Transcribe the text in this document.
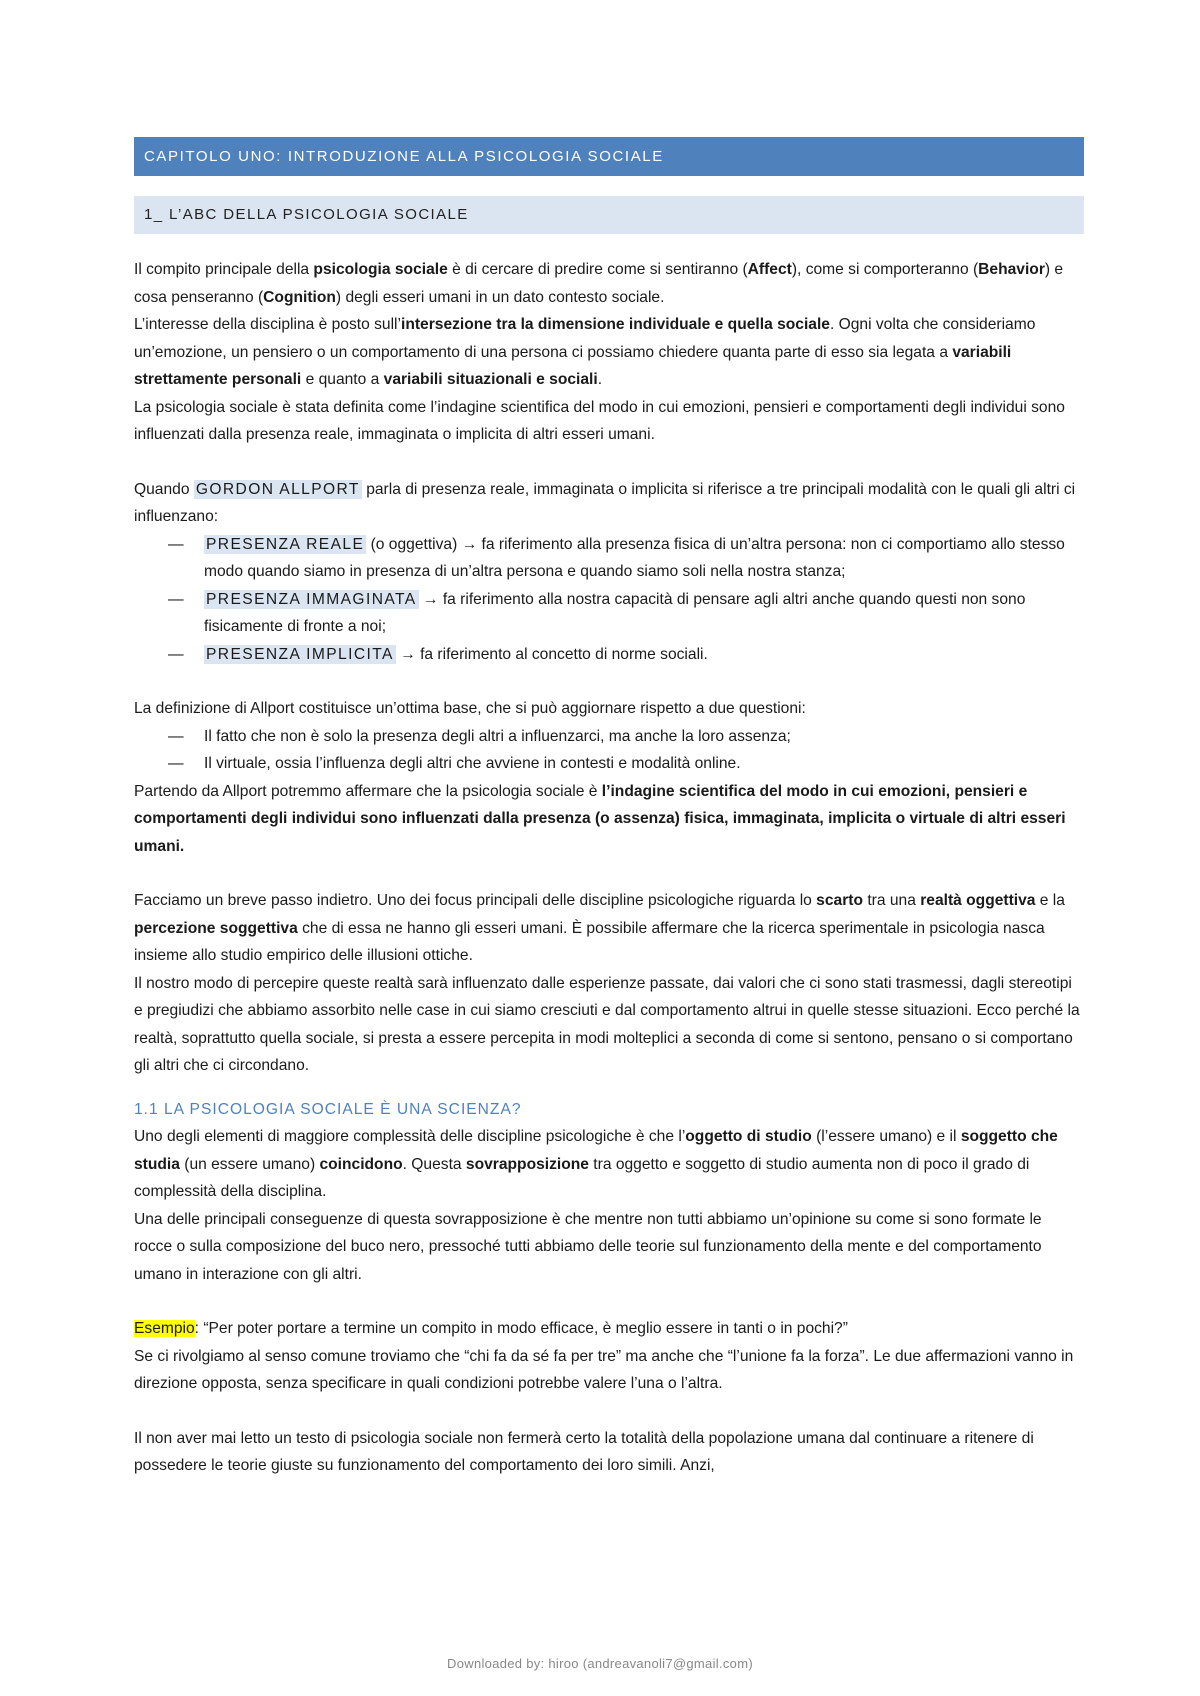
CAPITOLO UNO: INTRODUZIONE ALLA PSICOLOGIA SOCIALE
1_ L’ABC DELLA PSICOLOGIA SOCIALE

Il compito principale della psicologia sociale è di cercare di predire come si sentiranno (Affect), come si comporteranno (Behavior) e cosa penseranno (Cognition) degli esseri umani in un dato contesto sociale.
L’interesse della disciplina è posto sull’intersezione tra la dimensione individuale e quella sociale. Ogni volta che consideriamo un’emozione, un pensiero o un comportamento di una persona ci possiamo chiedere quanta parte di esso sia legata a variabili strettamente personali e quanto a variabili situazionali e sociali.
La psicologia sociale è stata definita come l’indagine scientifica del modo in cui emozioni, pensieri e comportamenti degli individui sono influenzati dalla presenza reale, immaginata o implicita di altri esseri umani.

Quando GORDON ALLPORT parla di presenza reale, immaginata o implicita si riferisce a tre principali modalità con le quali gli altri ci influenzano:

— PRESENZA REALE (o oggettiva) → fa riferimento alla presenza fisica di un’altra persona: non ci comportiamo allo stesso modo quando siamo in presenza di un’altra persona e quando siamo soli nella nostra stanza;

— PRESENZA IMMAGINATA → fa riferimento alla nostra capacità di pensare agli altri anche quando questi non sono fisicamente di fronte a noi;

— PRESENZA IMPLICITA → fa riferimento al concetto di norme sociali.

La definizione di Allport costituisce un’ottima base, che si può aggiornare rispetto a due questioni:

— Il fatto che non è solo la presenza degli altri a influenzarci, ma anche la loro assenza;

— Il virtuale, ossia l’influenza degli altri che avviene in contesti e modalità online.

Partendo da Allport potremmo affermare che la psicologia sociale è l’indagine scientifica del modo in cui emozioni, pensieri e comportamenti degli individui sono influenzati dalla presenza (o assenza) fisica, immaginata, implicita o virtuale di altri esseri umani.

Facciamo un breve passo indietro. Uno dei focus principali delle discipline psicologiche riguarda lo scarto tra una realtà oggettiva e la percezione soggettiva che di essa ne hanno gli esseri umani. È possibile affermare che la ricerca sperimentale in psicologia nasca insieme allo studio empirico delle illusioni ottiche.
Il nostro modo di percepire queste realtà sarà influenzato dalle esperienze passate, dai valori che ci sono stati trasmessi, dagli stereotipi e pregiudizi che abbiamo assorbito nelle case in cui siamo cresciuti e dal comportamento altrui in quelle stesse situazioni. Ecco perché la realtà, soprattutto quella sociale, si presta a essere percepita in modi molteplici a seconda di come si sentono, pensano o si comportano gli altri che ci circondano.

1.1 LA PSICOLOGIA SOCIALE È UNA SCIENZA?

Uno degli elementi di maggiore complessità delle discipline psicologiche è che l’oggetto di studio (l’essere umano) e il soggetto che studia (un essere umano) coincidono. Questa sovrapposizione tra oggetto e soggetto di studio aumenta non di poco il grado di complessità della disciplina.
Una delle principali conseguenze di questa sovrapposizione è che mentre non tutti abbiamo un’opinione su come si sono formate le rocce o sulla composizione del buco nero, pressoché tutti abbiamo delle teorie sul funzionamento della mente e del comportamento umano in interazione con gli altri.

Esempio: “Per poter portare a termine un compito in modo efficace, è meglio essere in tanti o in pochi?”
Se ci rivolgiamo al senso comune troviamo che “chi fa da sé fa per tre” ma anche che “l’unione fa la forza”. Le due affermazioni vanno in direzione opposta, senza specificare in quali condizioni potrebbe valere l’una o l’altra.

Il non aver mai letto un testo di psicologia sociale non fermerà certo la totalità della popolazione umana dal continuare a ritenere di possedere le teorie giuste su funzionamento del comportamento dei loro simili. Anzi,

Downloaded by: hiroo (andreavanoli7@gmail.com)
